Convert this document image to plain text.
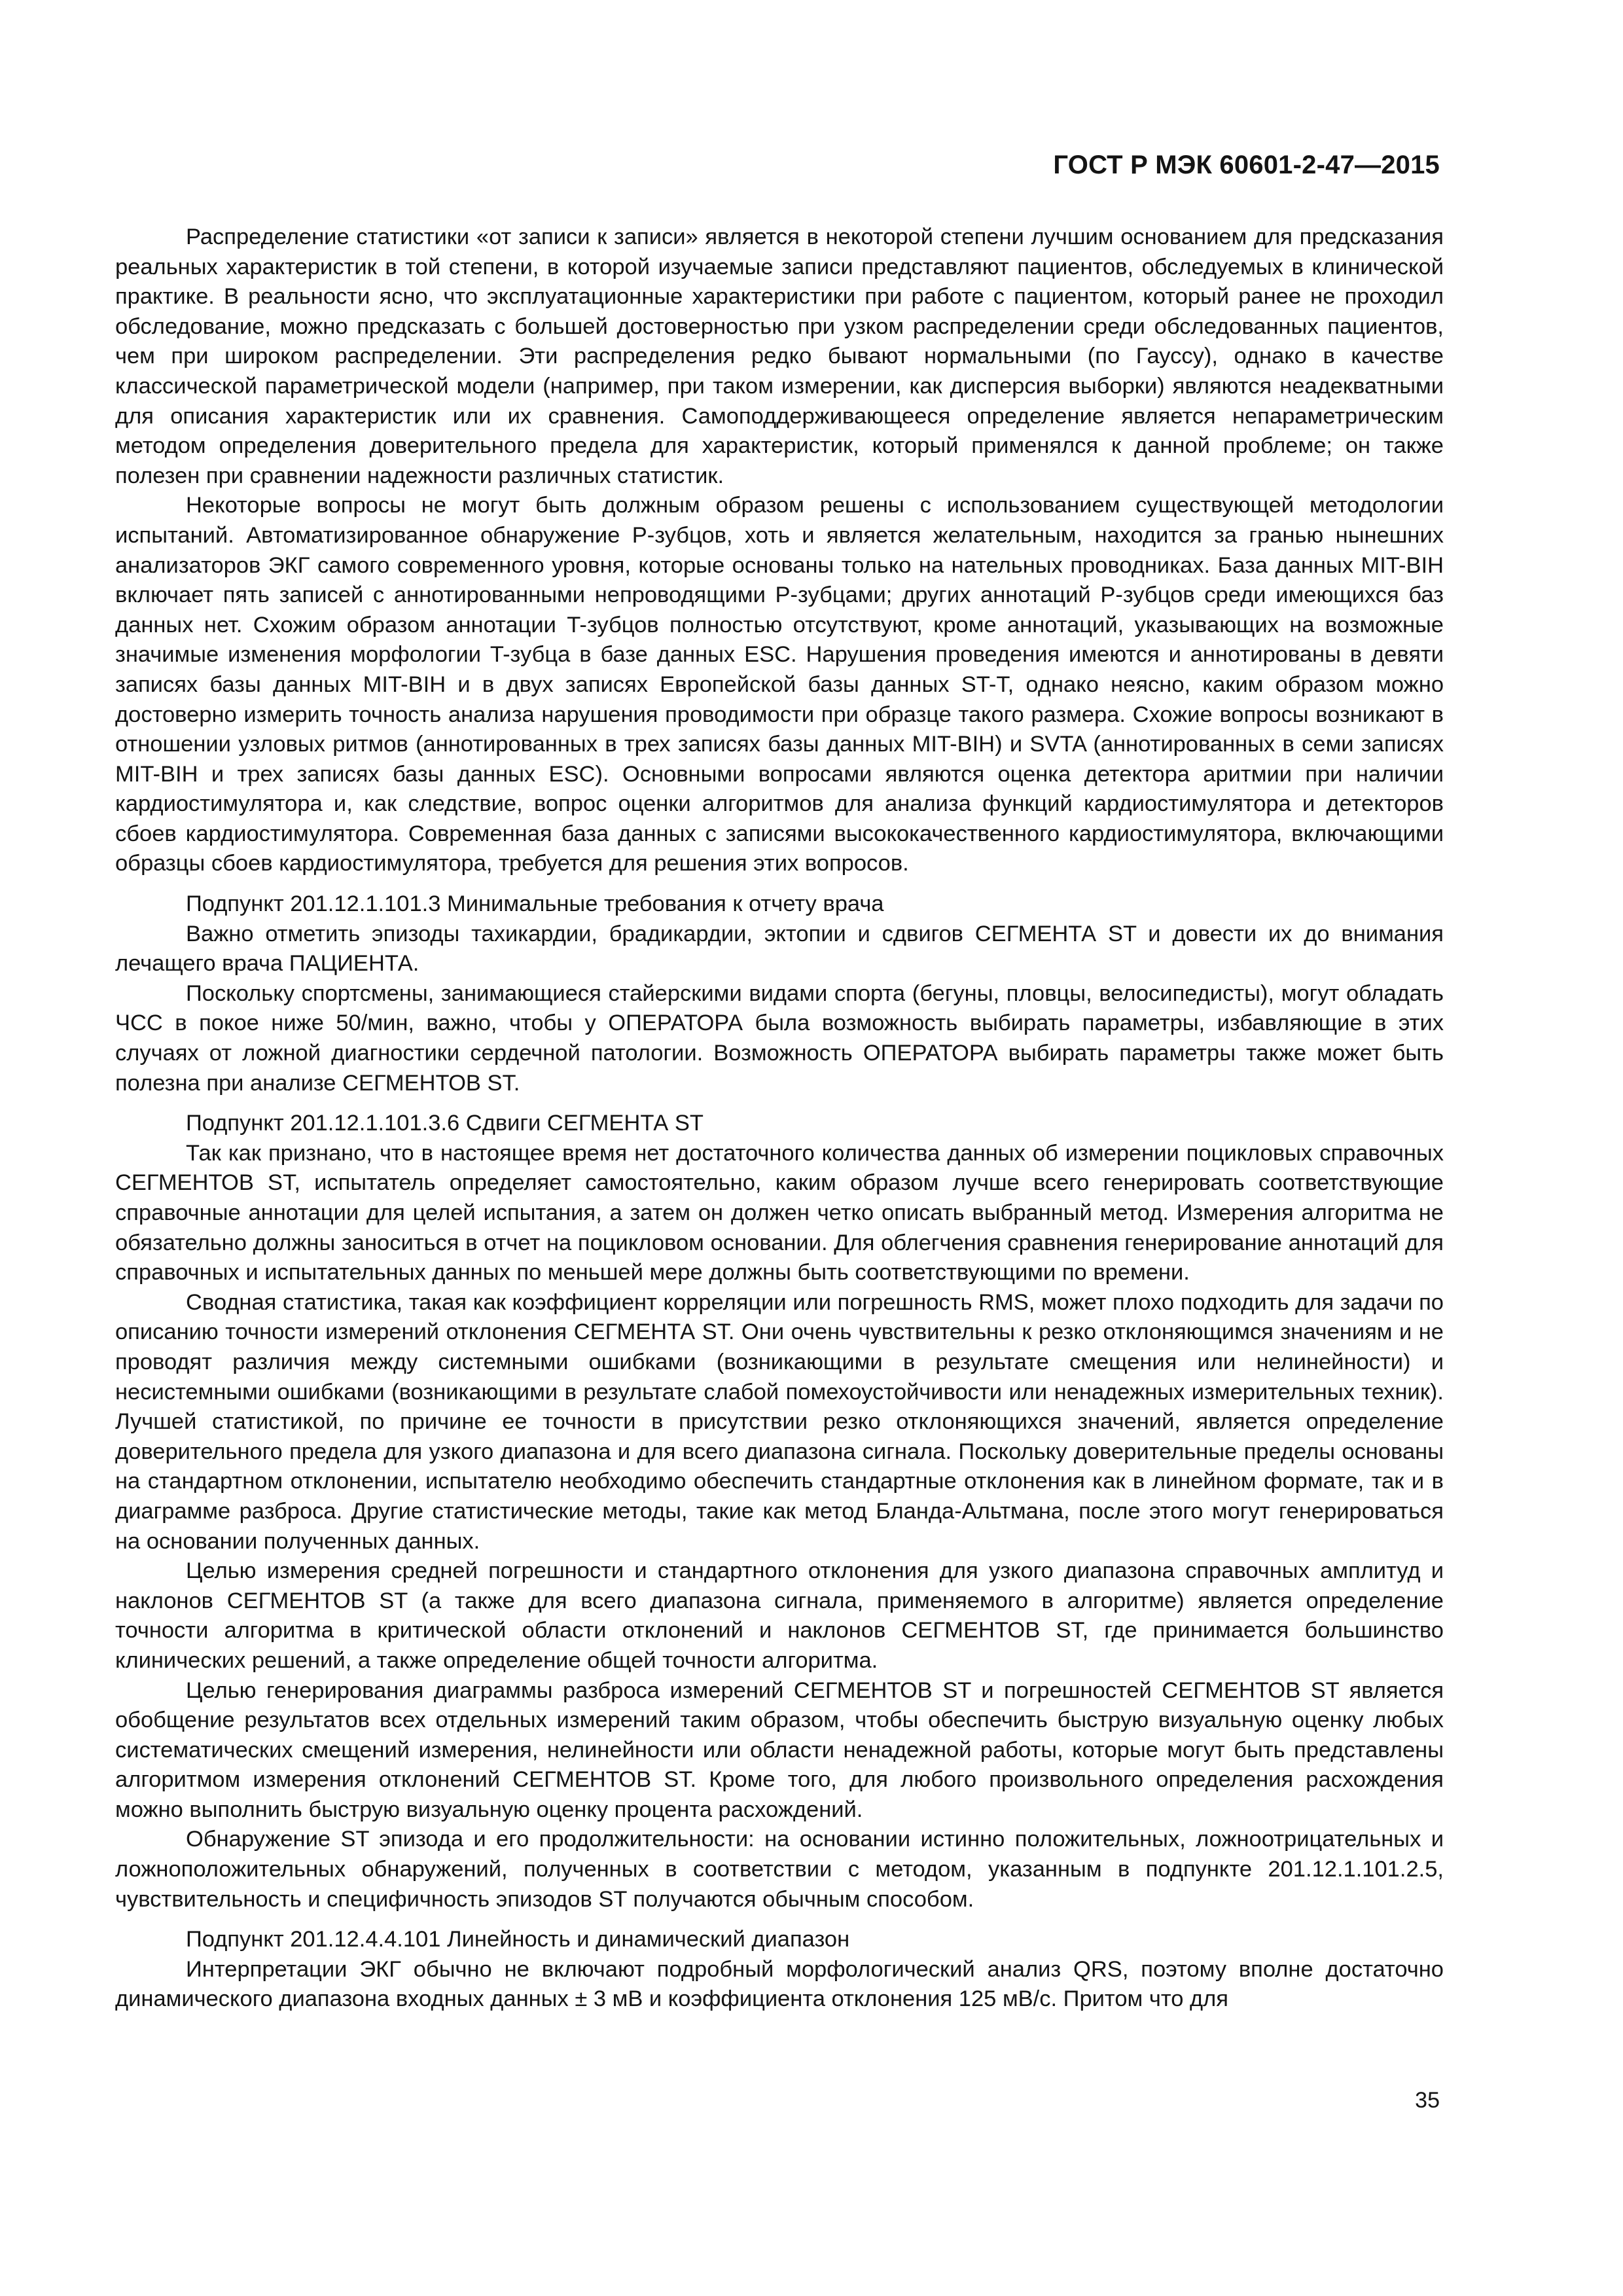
ГОСТ Р МЭК 60601-2-47—2015

Распределение статистики «от записи к записи» является в некоторой степени лучшим основанием для предсказания реальных характеристик в той степени, в которой изучаемые записи представляют пациентов, обследуемых в клинической практике. В реальности ясно, что эксплуатационные характеристики при работе с пациентом, который ранее не проходил обследование, можно предсказать с большей достоверностью при узком распределении среди обследованных пациентов, чем при широком распределении. Эти распределения редко бывают нормальными (по Гауссу), однако в качестве классической параметрической модели (например, при таком измерении, как дисперсия выборки) являются неадекватными для описания характеристик или их сравнения. Самоподдерживающееся определение является непараметрическим методом определения доверительного предела для характеристик, который применялся к данной проблеме; он также полезен при сравнении надежности различных статистик.

Некоторые вопросы не могут быть должным образом решены с использованием существующей методологии испытаний. Автоматизированное обнаружение P-зубцов, хоть и является желательным, находится за гранью нынешних анализаторов ЭКГ самого современного уровня, которые основаны только на нательных проводниках. База данных MIT-BIH включает пять записей с аннотированными непроводящими P-зубцами; других аннотаций P-зубцов среди имеющихся баз данных нет. Схожим образом аннотации T-зубцов полностью отсутствуют, кроме аннотаций, указывающих на возможные значимые изменения морфологии T-зубца в базе данных ESC. Нарушения проведения имеются и аннотированы в девяти записях базы данных MIT-BIH и в двух записях Европейской базы данных ST-T, однако неясно, каким образом можно достоверно измерить точность анализа нарушения проводимости при образце такого размера. Схожие вопросы возникают в отношении узловых ритмов (аннотированных в трех записях базы данных MIT-BIH) и SVTA (аннотированных в семи записях MIT-BIH и трех записях базы данных ESC). Основными вопросами являются оценка детектора аритмии при наличии кардиостимулятора и, как следствие, вопрос оценки алгоритмов для анализа функций кардиостимулятора и детекторов сбоев кардиостимулятора. Современная база данных с записями высококачественного кардиостимулятора, включающими образцы сбоев кардиостимулятора, требуется для решения этих вопросов.

Подпункт 201.12.1.101.3 Минимальные требования к отчету врача

Важно отметить эпизоды тахикардии, брадикардии, эктопии и сдвигов СЕГМЕНТА ST и довести их до внимания лечащего врача ПАЦИЕНТА.

Поскольку спортсмены, занимающиеся стайерскими видами спорта (бегуны, пловцы, велосипедисты), могут обладать ЧСС в покое ниже 50/мин, важно, чтобы у ОПЕРАТОРА была возможность выбирать параметры, избавляющие в этих случаях от ложной диагностики сердечной патологии. Возможность ОПЕРАТОРА выбирать параметры также может быть полезна при анализе СЕГМЕНТОВ ST.

Подпункт 201.12.1.101.3.6 Сдвиги СЕГМЕНТА ST

Так как признано, что в настоящее время нет достаточного количества данных об измерении поцикловых справочных СЕГМЕНТОВ ST, испытатель определяет самостоятельно, каким образом лучше всего генерировать соответствующие справочные аннотации для целей испытания, а затем он должен четко описать выбранный метод. Измерения алгоритма не обязательно должны заноситься в отчет на поцикловом основании. Для облегчения сравнения генерирование аннотаций для справочных и испытательных данных по меньшей мере должны быть соответствующими по времени.

Сводная статистика, такая как коэффициент корреляции или погрешность RMS, может плохо подходить для задачи по описанию точности измерений отклонения СЕГМЕНТА ST. Они очень чувствительны к резко отклоняющимся значениям и не проводят различия между системными ошибками (возникающими в результате смещения или нелинейности) и несистемными ошибками (возникающими в результате слабой помехоустойчивости или ненадежных измерительных техник). Лучшей статистикой, по причине ее точности в присутствии резко отклоняющихся значений, является определение доверительного предела для узкого диапазона и для всего диапазона сигнала. Поскольку доверительные пределы основаны на стандартном отклонении, испытателю необходимо обеспечить стандартные отклонения как в линейном формате, так и в диаграмме разброса. Другие статистические методы, такие как метод Бланда-Альтмана, после этого могут генерироваться на основании полученных данных.

Целью измерения средней погрешности и стандартного отклонения для узкого диапазона справочных амплитуд и наклонов СЕГМЕНТОВ ST (а также для всего диапазона сигнала, применяемого в алгоритме) является определение точности алгоритма в критической области отклонений и наклонов СЕГМЕНТОВ ST, где принимается большинство клинических решений, а также определение общей точности алгоритма.

Целью генерирования диаграммы разброса измерений СЕГМЕНТОВ ST и погрешностей СЕГМЕНТОВ ST является обобщение результатов всех отдельных измерений таким образом, чтобы обеспечить быструю визуальную оценку любых систематических смещений измерения, нелинейности или области ненадежной работы, которые могут быть представлены алгоритмом измерения отклонений СЕГМЕНТОВ ST. Кроме того, для любого произвольного определения расхождения можно выполнить быструю визуальную оценку процента расхождений.

Обнаружение ST эпизода и его продолжительности: на основании истинно положительных, ложноотрицательных и ложноположительных обнаружений, полученных в соответствии с методом, указанным в подпункте 201.12.1.101.2.5, чувствительность и специфичность эпизодов ST получаются обычным способом.

Подпункт 201.12.4.4.101 Линейность и динамический диапазон

Интерпретации ЭКГ обычно не включают подробный морфологический анализ QRS, поэтому вполне достаточно динамического диапазона входных данных ± 3 мВ и коэффициента отклонения 125 мВ/с. Притом что для

35
